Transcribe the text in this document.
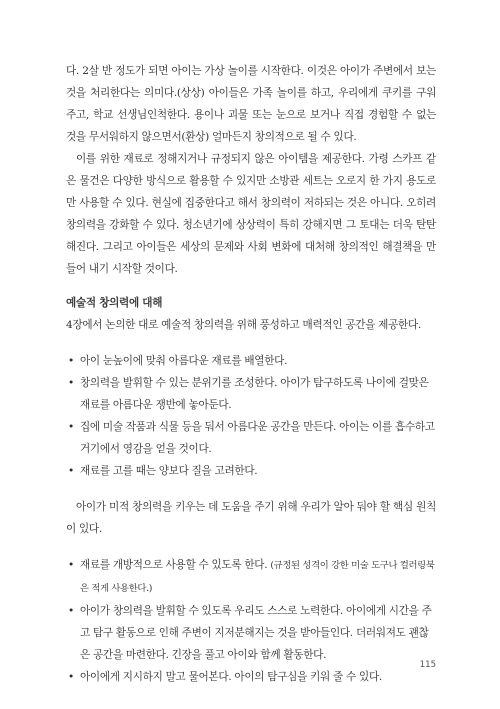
다. 2살 반 정도가 되면 아이는 가상 놀이를 시작한다. 이것은 아이가 주변에서 보는 것을 처리한다는 의미다.(상상) 아이들은 가족 놀이를 하고, 우리에게 쿠키를 구워 주고, 학교 선생님인척한다. 용이나 괴물 또는 눈으로 보거나 직접 경험할 수 없는 것을 무서워하지 않으면서(환상) 얼마든지 창의적으로 될 수 있다.

이를 위한 재료로 정해지거나 규정되지 않은 아이템을 제공한다. 가령 스카프 같은 물건은 다양한 방식으로 활용할 수 있지만 소방관 세트는 오로지 한 가지 용도로만 사용할 수 있다. 현실에 집중한다고 해서 창의력이 저하되는 것은 아니다. 오히려 창의력을 강화할 수 있다. 청소년기에 상상력이 특히 강해지면 그 토대는 더욱 탄탄해진다. 그리고 아이들은 세상의 문제와 사회 변화에 대처해 창의적인 해결책을 만들어 내기 시작할 것이다.

예술적 창의력에 대해

4장에서 논의한 대로 예술적 창의력을 위해 풍성하고 매력적인 공간을 제공한다.

• 아이 눈높이에 맞춰 아름다운 재료를 배열한다.
• 창의력을 발휘할 수 있는 분위기를 조성한다. 아이가 탐구하도록 나이에 걸맞은 재료를 아름다운 쟁반에 놓아둔다.
• 집에 미술 작품과 식물 등을 둬서 아름다운 공간을 만든다. 아이는 이를 흡수하고 거기에서 영감을 얻을 것이다.
• 재료를 고를 때는 양보다 질을 고려한다.

아이가 미적 창의력을 키우는 데 도움을 주기 위해 우리가 알아 둬야 할 핵심 원칙이 있다.

• 재료를 개방적으로 사용할 수 있도록 한다. (규정된 성격이 강한 미술 도구나 컬러링북은 적게 사용한다.)
• 아이가 창의력을 발휘할 수 있도록 우리도 스스로 노력한다. 아이에게 시간을 주고 탐구 활동으로 인해 주변이 지저분해지는 것을 받아들인다. 더러워져도 괜찮은 공간을 마련한다. 긴장을 풀고 아이와 함께 활동한다.
• 아이에게 지시하지 말고 물어본다. 아이의 탐구심을 키워 줄 수 있다.
115
